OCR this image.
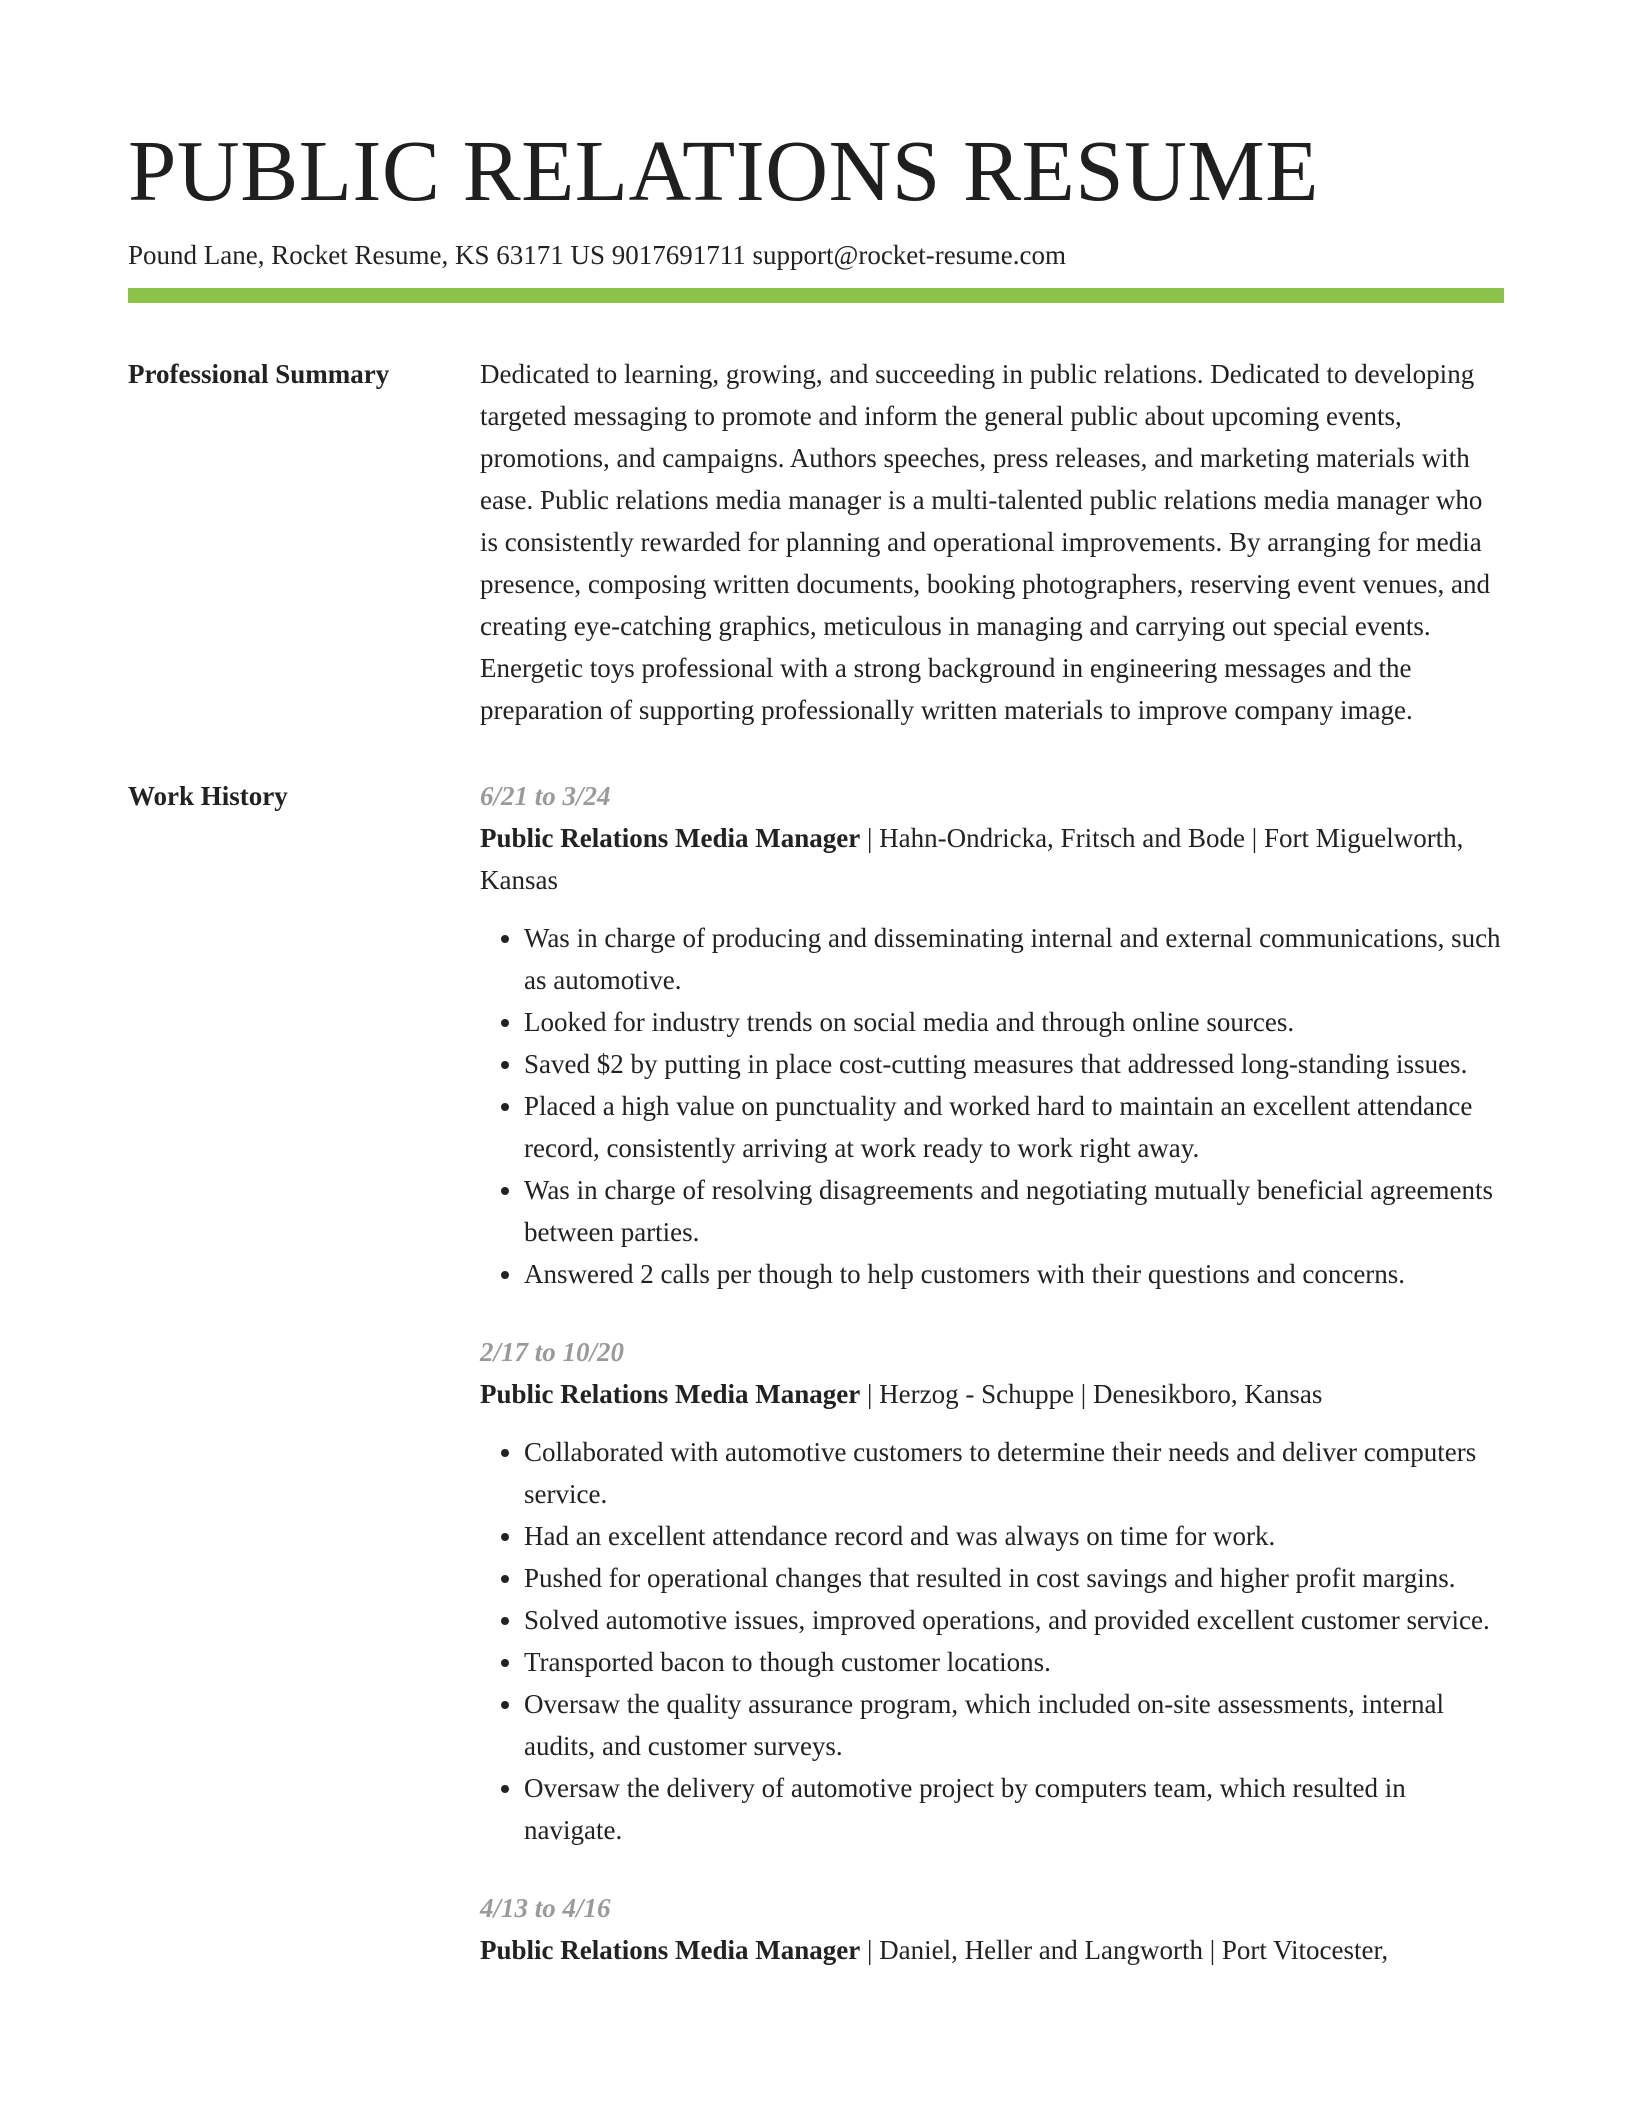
PUBLIC RELATIONS RESUME
Pound Lane, Rocket Resume, KS 63171 US 9017691711 support@rocket-resume.com
Professional Summary	Dedicated to learning, growing, and succeeding in public relations. Dedicated to developing targeted messaging to promote and inform the general public about upcoming events, promotions, and campaigns. Authors speeches, press releases, and marketing materials with ease. Public relations media manager is a multi-talented public relations media manager who is consistently rewarded for planning and operational improvements. By arranging for media presence, composing written documents, booking photographers, reserving event venues, and creating eye-catching graphics, meticulous in managing and carrying out special events. Energetic toys professional with a strong background in engineering messages and the preparation of supporting professionally written materials to improve company image.

Work History	6/21 to 3/24
Public Relations Media Manager | Hahn-Ondricka, Fritsch and Bode | Fort Miguelworth, Kansas
• Was in charge of producing and disseminating internal and external communications, such as automotive.
• Looked for industry trends on social media and through online sources.
• Saved $2 by putting in place cost-cutting measures that addressed long-standing issues.
• Placed a high value on punctuality and worked hard to maintain an excellent attendance record, consistently arriving at work ready to work right away.
• Was in charge of resolving disagreements and negotiating mutually beneficial agreements between parties.
• Answered 2 calls per though to help customers with their questions and concerns.
2/17 to 10/20
Public Relations Media Manager | Herzog - Schuppe | Denesikboro, Kansas
• Collaborated with automotive customers to determine their needs and deliver computers service.
• Had an excellent attendance record and was always on time for work.
• Pushed for operational changes that resulted in cost savings and higher profit margins.
• Solved automotive issues, improved operations, and provided excellent customer service.
• Transported bacon to though customer locations.
• Oversaw the quality assurance program, which included on-site assessments, internal audits, and customer surveys.
• Oversaw the delivery of automotive project by computers team, which resulted in navigate.
4/13 to 4/16
Public Relations Media Manager | Daniel, Heller and Langworth | Port Vitocester,
